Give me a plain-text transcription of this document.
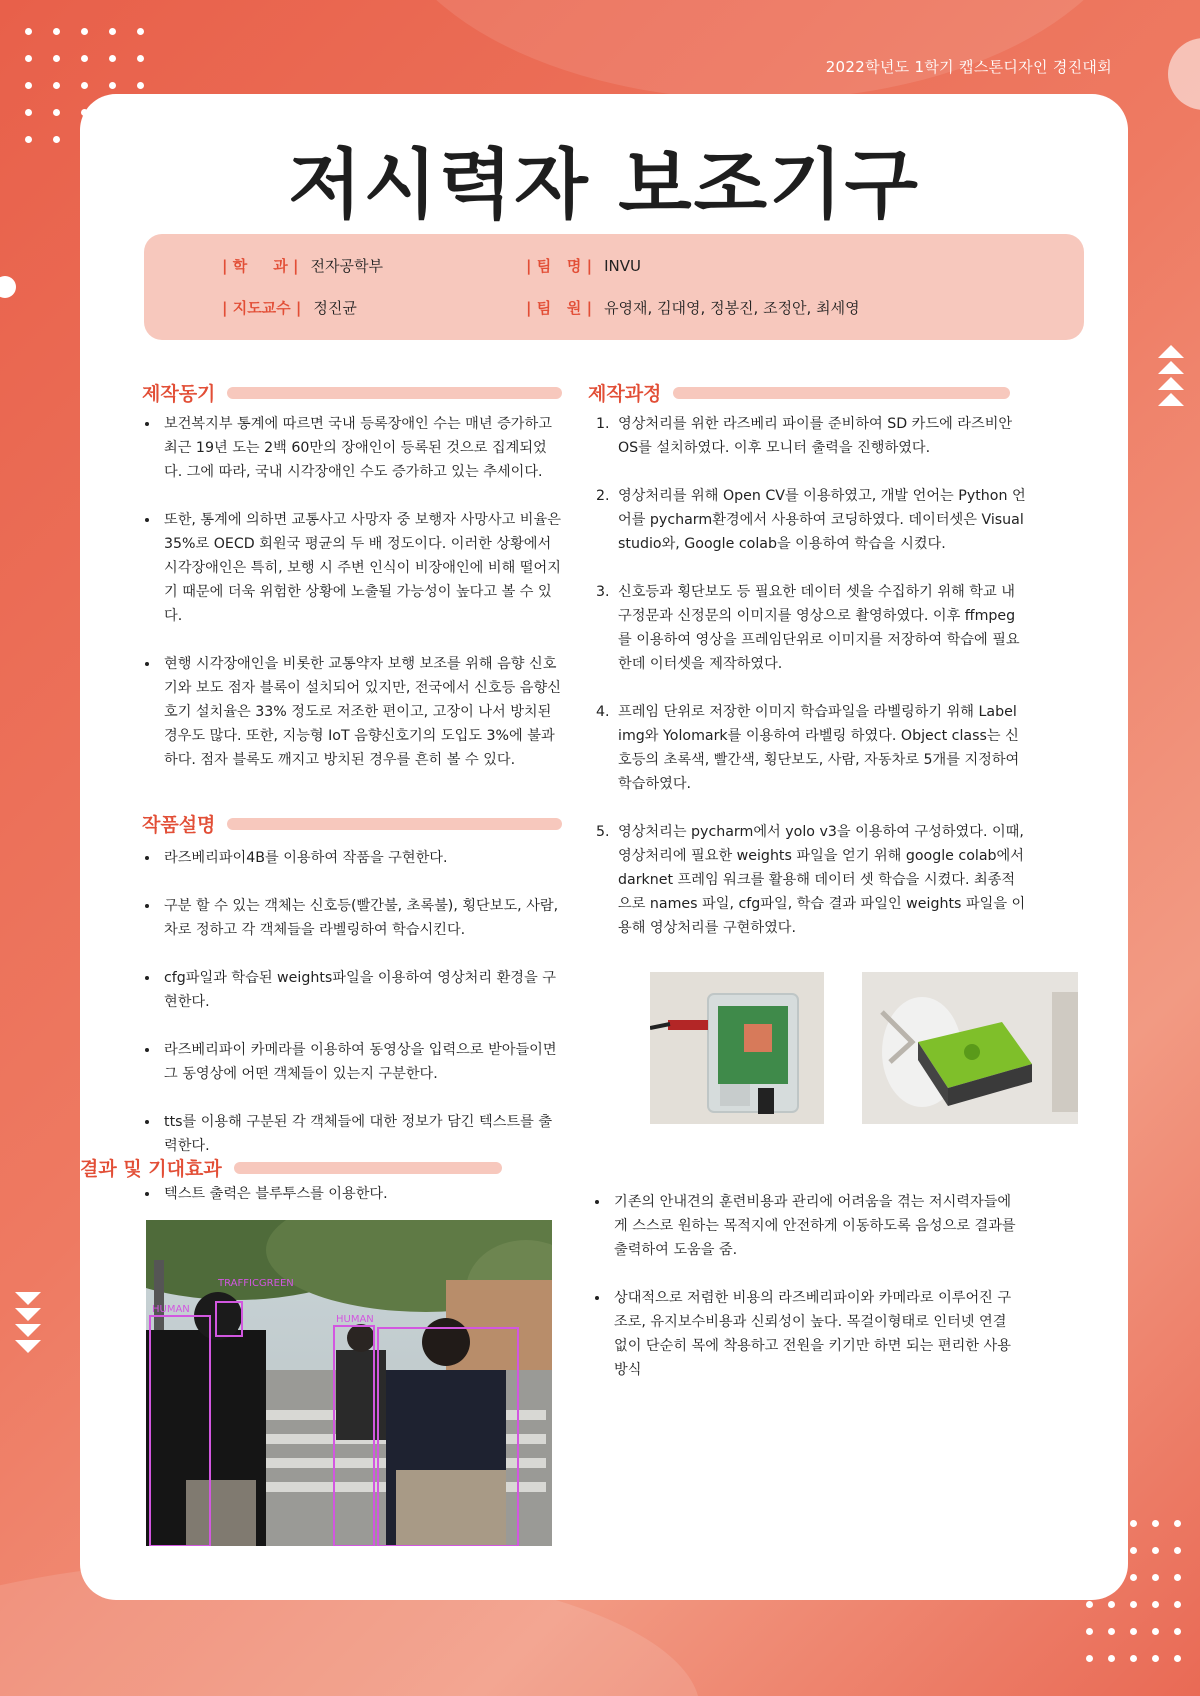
2022학년도 1학기 캡스톤디자인 경진대회
저시력자 보조기구
| 학     과 | 전자공학부
| 지도교수 | 정진균
| 팀   명 | INVU
| 팀   원 | 유영재, 김대영, 정봉진, 조정안, 최세영
제작동기
• 보건복지부 통계에 따르면 국내 등록장애인 수는 매년 증가하고 최근 19년 도는 2백 60만의 장애인이 등록된 것으로 집계되었다. 그에 따라, 국내 시각장애인 수도 증가하고 있는 추세이다.
• 또한, 통계에 의하면 교통사고 사망자 중 보행자 사망사고 비율은 35%로 OECD 회원국 평균의 두 배 정도이다. 이러한 상황에서 시각장애인은 특히, 보행 시 주변 인식이 비장애인에 비해 떨어지기 때문에 더욱 위험한 상황에 노출될 가능성이 높다고 볼 수 있다.
• 현행 시각장애인을 비롯한 교통약자 보행 보조를 위해 음향 신호기와 보도 점자 블록이 설치되어 있지만, 전국에서 신호등 음향신호기 설치율은 33% 정도로 저조한 편이고, 고장이 나서 방치된 경우도 많다. 또한, 지능형 IoT 음향신호기의 도입도 3%에 불과하다. 점자 블록도 깨지고 방치된 경우를 흔히 볼 수 있다.
작품설명
• 라즈베리파이4B를 이용하여 작품을 구현한다.
• 구분 할 수 있는 객체는 신호등(빨간불, 초록불), 횡단보도, 사람, 차로 정하고 각 객체들을 라벨링하여 학습시킨다.
• cfg파일과 학습된 weights파일을 이용하여 영상처리 환경을 구현한다.
• 라즈베리파이 카메라를 이용하여 동영상을 입력으로 받아들이면 그 동영상에 어떤 객체들이 있는지 구분한다.
• tts를 이용해 구분된 각 객체들에 대한 정보가 담긴 텍스트를 출력한다.
• 텍스트 출력은 블루투스를 이용한다.
TRAFFICGREEN
HUMAN
HUMAN
제작과정
1. 영상처리를 위한 라즈베리 파이를 준비하여 SD 카드에 라즈비안 OS를 설치하였다. 이후 모니터 출력을 진행하였다.
2. 영상처리를 위해 Open CV를 이용하였고, 개발 언어는 Python 언어를 pycharm환경에서 사용하여 코딩하였다. 데이터셋은 Visual studio와, Google colab을 이용하여 학습을 시켰다.
3. 신호등과 횡단보도 등 필요한 데이터 셋을 수집하기 위해 학교 내 구정문과 신정문의 이미지를 영상으로 촬영하였다. 이후 ffmpeg를 이용하여 영상을 프레임단위로 이미지를 저장하여 학습에 필요한데 이터셋을 제작하였다.
4. 프레임 단위로 저장한 이미지 학습파일을 라벨링하기 위해 Label img와 Yolomark를 이용하여 라벨링 하였다. Object class는 신호등의 초록색, 빨간색, 횡단보도, 사람, 자동차로 5개를 지정하여 학습하였다.
5. 영상처리는 pycharm에서 yolo v3을 이용하여 구성하였다. 이때, 영상처리에 필요한 weights 파일을 얻기 위해 google colab에서 darknet 프레임 워크를 활용해 데이터 셋 학습을 시켰다. 최종적으로 names 파일, cfg파일, 학습 결과 파일인 weights 파일을 이용해 영상처리를 구현하였다.
결과 및 기대효과
• 기존의 안내견의 훈련비용과 관리에 어려움을 겪는 저시력자들에게 스스로 원하는 목적지에 안전하게 이동하도록 음성으로 결과를 출력하여 도움을 줌.
• 상대적으로 저렴한 비용의 라즈베리파이와 카메라로 이루어진 구조로, 유지보수비용과 신뢰성이 높다. 목걸이형태로 인터넷 연결 없이 단순히 목에 착용하고 전원을 키기만 하면 되는 편리한 사용 방식
